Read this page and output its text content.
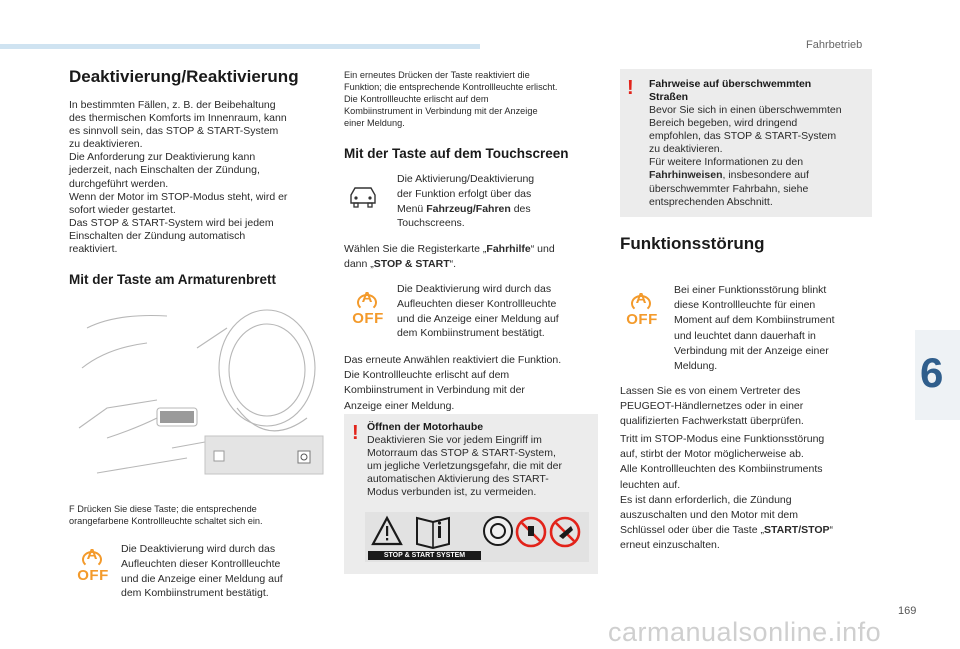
Fahrbetrieb
6
169
carmanualsonline.info
Deaktivierung/Reaktivierung

In bestimmten Fällen, z. B. der Beibehaltung
des thermischen Komforts im Innenraum, kann
es sinnvoll sein, das STOP & START-System
zu deaktivieren.
Die Anforderung zur Deaktivierung kann
jederzeit, nach Einschalten der Zündung,
durchgeführt werden.
Wenn der Motor im STOP-Modus steht, wird er
sofort wieder gestartet.
Das STOP & START-System wird bei jedem
Einschalten der Zündung automatisch
reaktiviert.

Mit der Taste am Armaturenbrett

F Drücken Sie diese Taste; die entsprechende
orangefarbene Kontrollleuchte schaltet sich ein.

A
OFF

Die Deaktivierung wird durch das
Aufleuchten dieser Kontrollleuchte
und die Anzeige einer Meldung auf
dem Kombiinstrument bestätigt.

Ein erneutes Drücken der Taste reaktiviert die
Funktion; die entsprechende Kontrollleuchte erlischt.
Die Kontrollleuchte erlischt auf dem
Kombiinstrument in Verbindung mit der Anzeige
einer Meldung.

Mit der Taste auf dem Touchscreen

Die Aktivierung/Deaktivierung
der Funktion erfolgt über das
Menü Fahrzeug/Fahren des
Touchscreens.

Wählen Sie die Registerkarte „Fahrhilfe“ und
dann „STOP & START“.

A
OFF

Die Deaktivierung wird durch das
Aufleuchten dieser Kontrollleuchte
und die Anzeige einer Meldung auf
dem Kombiinstrument bestätigt.

Das erneute Anwählen reaktiviert die Funktion.
Die Kontrollleuchte erlischt auf dem
Kombiinstrument in Verbindung mit der
Anzeige einer Meldung.

! Öffnen der Motorhaube

Deaktivieren Sie vor jedem Eingriff im
Motorraum das STOP & START-System,
um jegliche Verletzungsgefahr, die mit der
automatischen Aktivierung des START-
Modus verbunden ist, zu vermeiden.

STOP & START SYSTEM
! Fahrweise auf überschwemmten
Straßen

Bevor Sie sich in einen überschwemmten
Bereich begeben, wird dringend
empfohlen, das STOP & START-System
zu deaktivieren.
Für weitere Informationen zu den
Fahrhinweisen, insbesondere auf
überschwemmter Fahrbahn, siehe
entsprechenden Abschnitt.

Funktionsstörung
A
OFF

Bei einer Funktionsstörung blinkt
diese Kontrollleuchte für einen
Moment auf dem Kombiinstrument
und leuchtet dann dauerhaft in
Verbindung mit der Anzeige einer
Meldung.

Lassen Sie es von einem Vertreter des
PEUGEOT-Händlernetzes oder in einer
qualifizierten Fachwerkstatt überprüfen.

Tritt im STOP-Modus eine Funktionsstörung
auf, stirbt der Motor möglicherweise ab.
Alle Kontrollleuchten des Kombiinstruments
leuchten auf.
Es ist dann erforderlich, die Zündung
auszuschalten und den Motor mit dem
Schlüssel oder über die Taste „START/STOP“
erneut einzuschalten.
